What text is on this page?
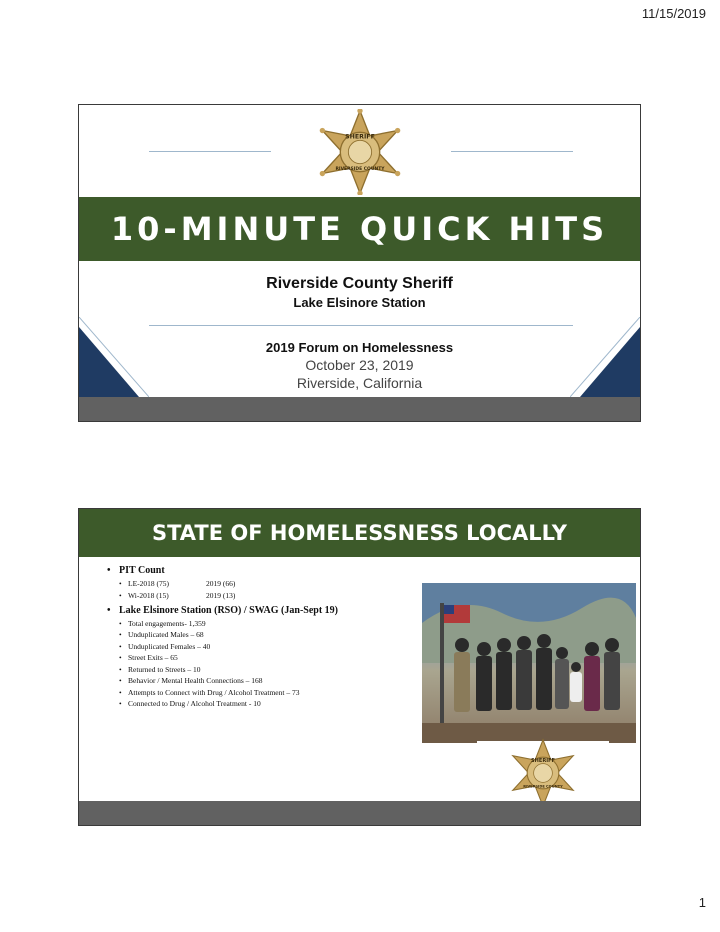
11/15/2019
SHERIFF
RIVERSIDE COUNTY
10-MINUTE QUICK HITS
Riverside County Sheriff
Lake Elsinore Station
2019 Forum on Homelessness
October 23, 2019
Riverside, California
STATE OF HOMELESSNESS LOCALLY
• PIT Count
• LE-2018 (75)	2019 (66)
• Wi-2018 (15)	2019 (13)
• Lake Elsinore Station (RSO) / SWAG (Jan-Sept 19)
• Total engagements- 1,359
• Unduplicated Males – 68
• Unduplicated Females – 40
• Street Exits – 65
• Returned to Streets – 10
• Behavior / Mental Health Connections – 168
• Attempts to Connect with Drug / Alcohol Treatment – 73
• Connected to Drug / Alcohol Treatment - 10
SHERIFF
RIVERSIDE COUNTY
1
